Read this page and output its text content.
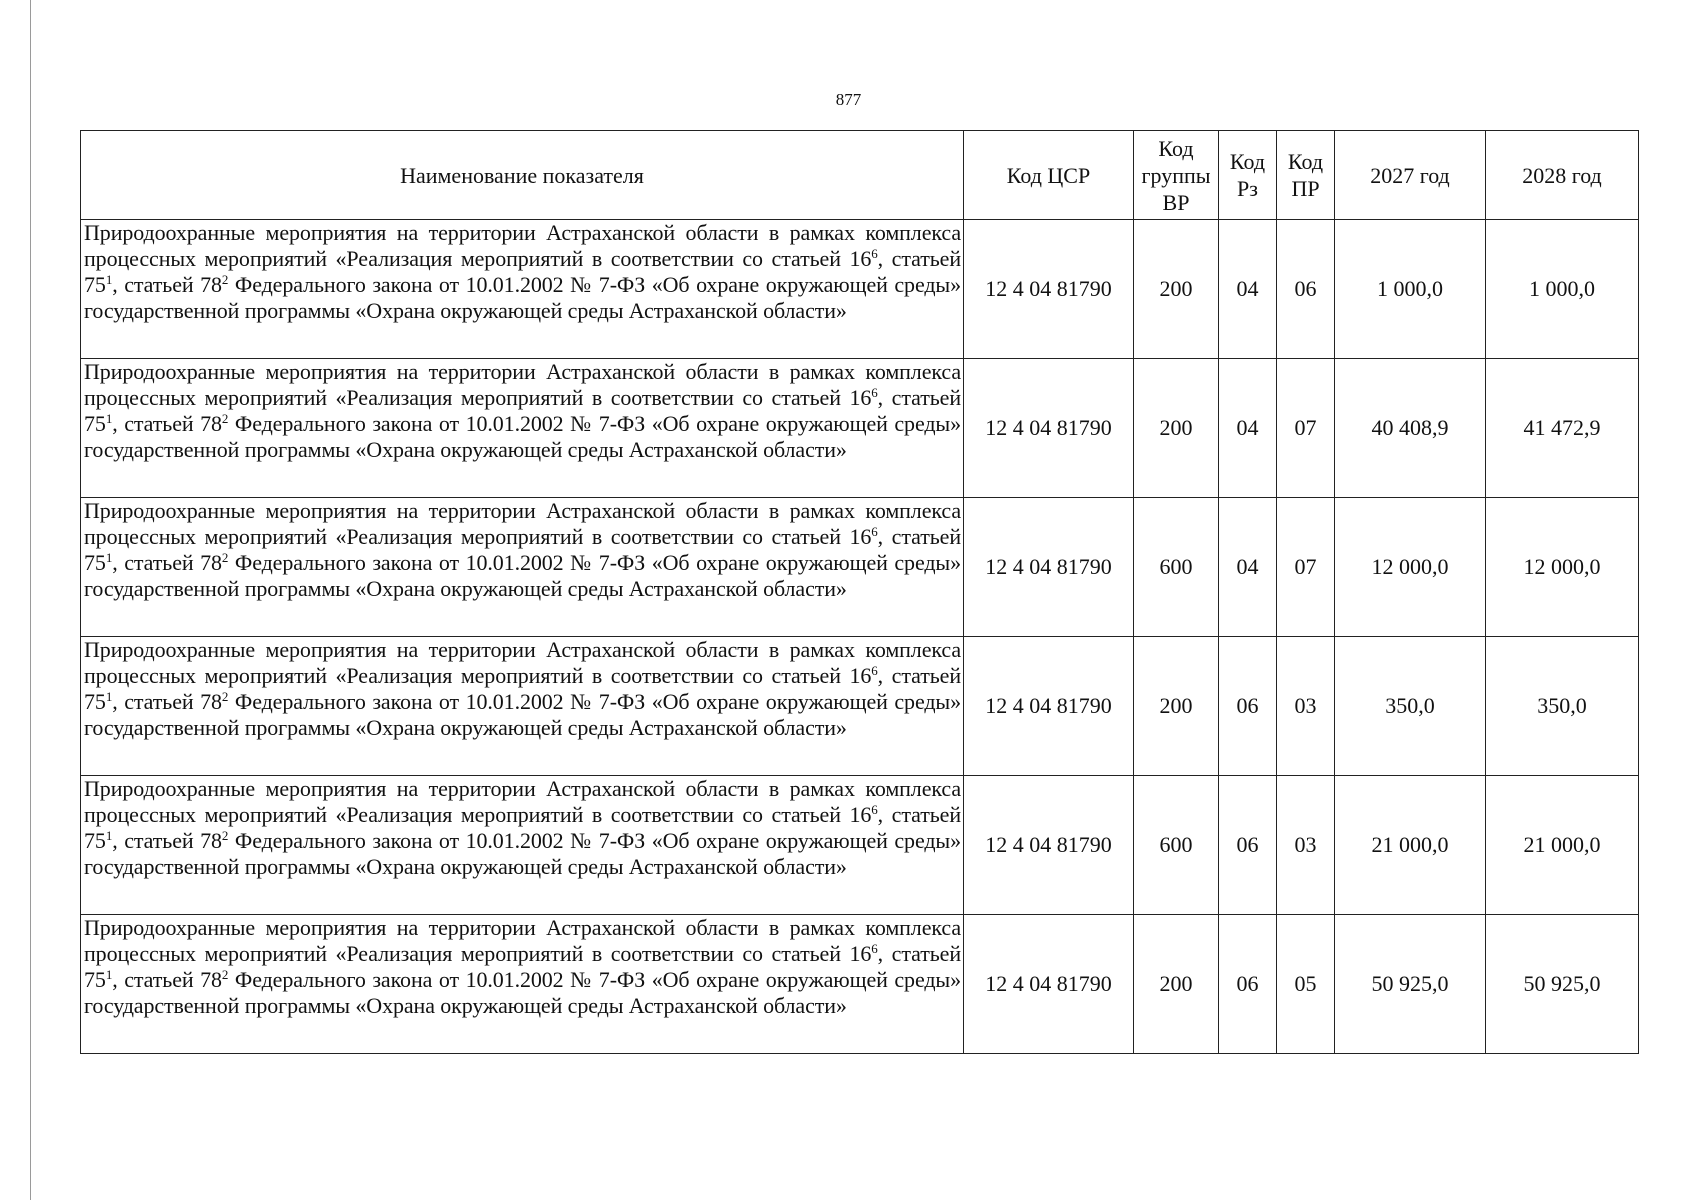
877
Наименование показателя	Код ЦСР	Код группы ВР	Код Рз	Код ПР	2027 год	2028 год
Природоохранные мероприятия на территории Астраханской области в рамках комплекса процессных мероприятий «Реализация мероприятий в соответствии со статьей $16^6$, статьей $75^1$, статьей $78^2$ Федерального закона от 10.01.2002 № 7-ФЗ «Об охране окружающей среды» государственной программы «Охрана окружающей среды Астраханской области»	12 4 04 81790	200	04	06	1 000,0	1 000,0
Природоохранные мероприятия на территории Астраханской области в рамках комплекса процессных мероприятий «Реализация мероприятий в соответствии со статьей $16^6$, статьей $75^1$, статьей $78^2$ Федерального закона от 10.01.2002 № 7-ФЗ «Об охране окружающей среды» государственной программы «Охрана окружающей среды Астраханской области»	12 4 04 81790	200	04	07	40 408,9	41 472,9
Природоохранные мероприятия на территории Астраханской области в рамках комплекса процессных мероприятий «Реализация мероприятий в соответствии со статьей $16^6$, статьей $75^1$, статьей $78^2$ Федерального закона от 10.01.2002 № 7-ФЗ «Об охране окружающей среды» государственной программы «Охрана окружающей среды Астраханской области»	12 4 04 81790	600	04	07	12 000,0	12 000,0
Природоохранные мероприятия на территории Астраханской области в рамках комплекса процессных мероприятий «Реализация мероприятий в соответствии со статьей $16^6$, статьей $75^1$, статьей $78^2$ Федерального закона от 10.01.2002 № 7-ФЗ «Об охране окружающей среды» государственной программы «Охрана окружающей среды Астраханской области»	12 4 04 81790	200	06	03	350,0	350,0
Природоохранные мероприятия на территории Астраханской области в рамках комплекса процессных мероприятий «Реализация мероприятий в соответствии со статьей $16^6$, статьей $75^1$, статьей $78^2$ Федерального закона от 10.01.2002 № 7-ФЗ «Об охране окружающей среды» государственной программы «Охрана окружающей среды Астраханской области»	12 4 04 81790	600	06	03	21 000,0	21 000,0
Природоохранные мероприятия на территории Астраханской области в рамках комплекса процессных мероприятий «Реализация мероприятий в соответствии со статьей $16^6$, статьей $75^1$, статьей $78^2$ Федерального закона от 10.01.2002 № 7-ФЗ «Об охране окружающей среды» государственной программы «Охрана окружающей среды Астраханской области»	12 4 04 81790	200	06	05	50 925,0	50 925,0
